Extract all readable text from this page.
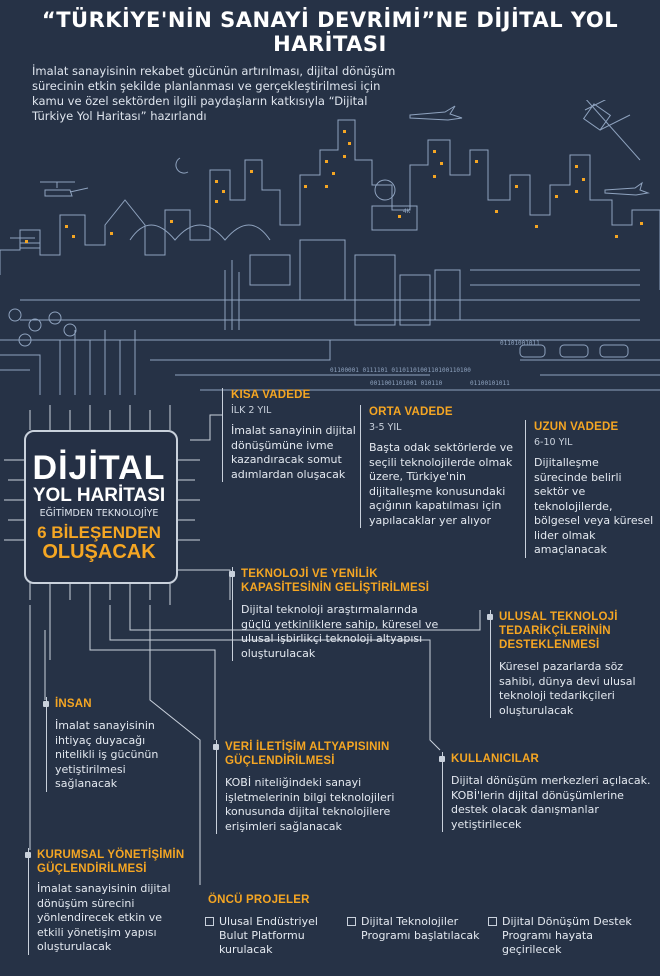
“TÜRKİYE'NİN SANAYİ DEVRİMİ”NE DİJİTAL YOL HARİTASI
İmalat sanayisinin rekabet gücünün artırılması, dijital dönüşüm sürecinin etkin şekilde planlanması ve gerçekleştirilmesi için kamu ve özel sektörden ilgili paydaşların katkısıyla “Dijital Türkiye Yol Haritası” hazırlandı
4K
01101001011
01100001 0111101 0110110100110100110100
0011001101001 010110	01100101011
DİJİTAL
YOL HARİTASI
EĞİTİMDEN TEKNOLOJİYE
6 BİLEŞENDEN
OLUŞACAK
KISA VADEDE
İLK 2 YIL
İmalat sanayinin dijital dönüşümüne ivme kazandıracak somut adımlardan oluşacak
ORTA VADEDE
3-5 YIL
Başta odak sektörlerde ve seçili teknolojilerde olmak üzere, Türkiye'nin dijitalleşme konusundaki açığının kapatılması için yapılacaklar yer alıyor
UZUN VADEDE
6-10 YIL
Dijitalleşme sürecinde belirli sektör ve teknolojilerde, bölgesel veya küresel lider olmak amaçlanacak
TEKNOLOJİ VE YENİLİK
KAPASİTESİNİN GELİŞTİRİLMESİ
Dijital teknoloji araştırmalarında güçlü yetkinliklere sahip, küresel ve ulusal işbirlikçi teknoloji altyapısı oluşturulacak
ULUSAL TEKNOLOJİ
TEDARİKÇİLERİNİN
DESTEKLENMESİ
Küresel pazarlarda söz sahibi, dünya devi ulusal teknoloji tedarikçileri oluşturulacak
İNSAN
İmalat sanayisinin ihtiyaç duyacağı nitelikli iş gücünün yetiştirilmesi sağlanacak
VERİ İLETİŞİM ALTYAPISININ
GÜÇLENDİRİLMESİ
KOBİ niteliğindeki sanayi işletmelerinin bilgi teknolojileri konusunda dijital teknolojilere erişimleri sağlanacak
KULLANICILAR
Dijital dönüşüm merkezleri açılacak. KOBİ'lerin dijital dönüşümlerine destek olacak danışmanlar yetiştirilecek
KURUMSAL YÖNETİŞİMİN
GÜÇLENDİRİLMESİ
İmalat sanayisinin dijital dönüşüm sürecini yönlendirecek etkin ve etkili yönetişim yapısı oluşturulacak
ÖNCÜ PROJELER
Ulusal Endüstriyel Bulut Platformu kurulacak
Dijital Teknolojiler Programı başlatılacak
Dijital Dönüşüm Destek Programı hayata geçirilecek
